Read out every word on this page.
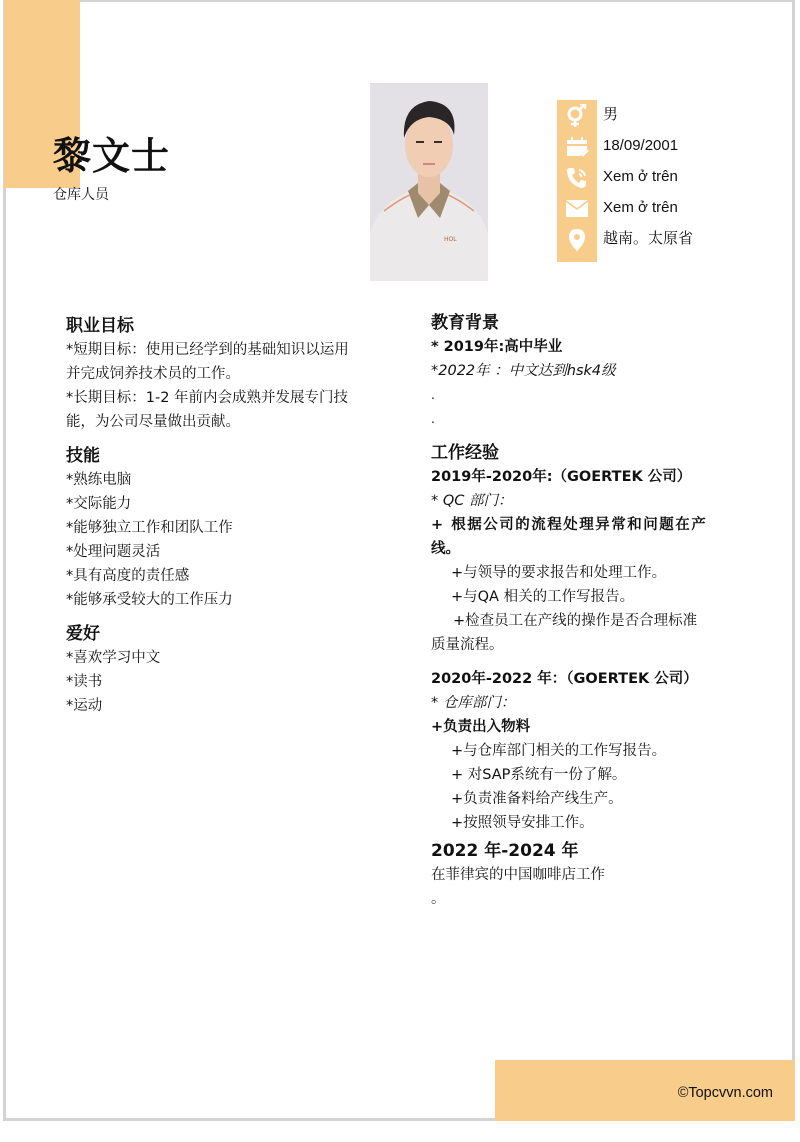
黎文士
仓库人员
HOL
男
18/09/2001
Xem ở trên
Xem ở trên
越南。太原省
职业目标
*短期目标：使用已经学到的基础知识以运用
并完成饲养技术员的工作。
*长期目标：1-2 年前内会成熟并发展专门技
能，为公司尽量做出贡献。
技能
*熟练电脑
*交际能力
*能够独立工作和团队工作
*处理问题灵活
*具有高度的责任感
*能够承受较大的工作压力
爱好
*喜欢学习中文
*读书
*运动
教育背景
* 2019年:高中毕业
*2022年 ：中文达到hsk4级
.
.
工作经验
2019年-2020年:（GOERTEK 公司）
* QC 部门：
+ 根据公司的流程处理异常和问题在产
线。
+与领导的要求报告和处理工作。
+与QA 相关的工作写报告。
+检查员工在产线的操作是否合理标准
质量流程。
2020年-2022 年：（GOERTEK 公司）
* 仓库部门：
+负责出入物料
+与仓库部门相关的工作写报告。
+ 对SAP系统有一份了解。
+负责准备料给产线生产。
+按照领导安排工作。
2022 年-2024 年
在菲律宾的中国咖啡店工作
。
©Topcvvn.com
